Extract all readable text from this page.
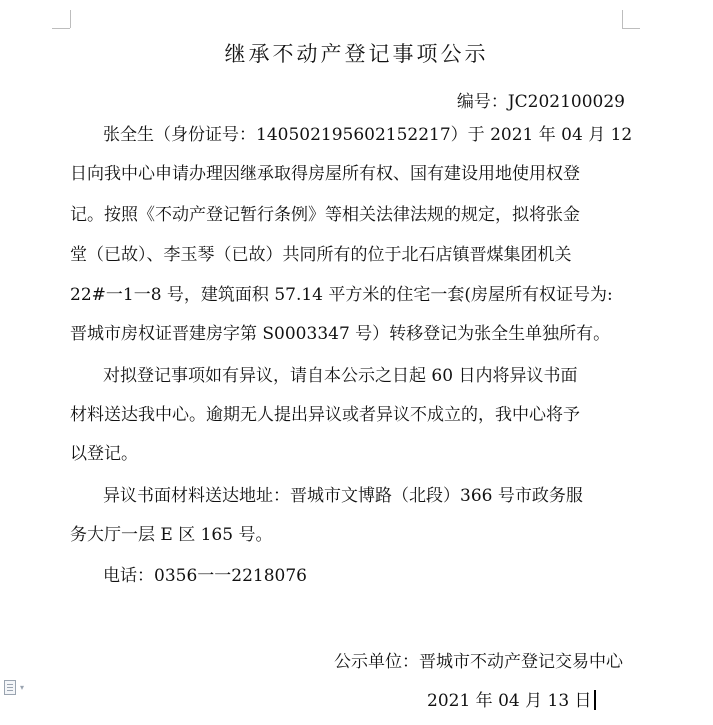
继承不动产登记事项公示
编号：JC202100029
张全生（身份证号：140502195602152217）于 2021 年 04 月 12
日向我中心申请办理因继承取得房屋所有权、国有建设用地使用权登
记。按照《不动产登记暂行条例》等相关法律法规的规定，拟将张金
堂（已故）、李玉琴（已故）共同所有的位于北石店镇晋煤集团机关
22#一1一8 号，建筑面积 57.14 平方米的住宅一套(房屋所有权证号为:
晋城市房权证晋建房字第 S0003347 号）转移登记为张全生单独所有。
对拟登记事项如有异议，请自本公示之日起 60 日内将异议书面
材料送达我中心。逾期无人提出异议或者异议不成立的，我中心将予
以登记。
异议书面材料送达地址：晋城市文博路（北段）366 号市政务服
务大厅一层 E 区 165 号。
电话：0356一一2218076
公示单位：晋城市不动产登记交易中心
2021 年 04 月 13 日
▾
